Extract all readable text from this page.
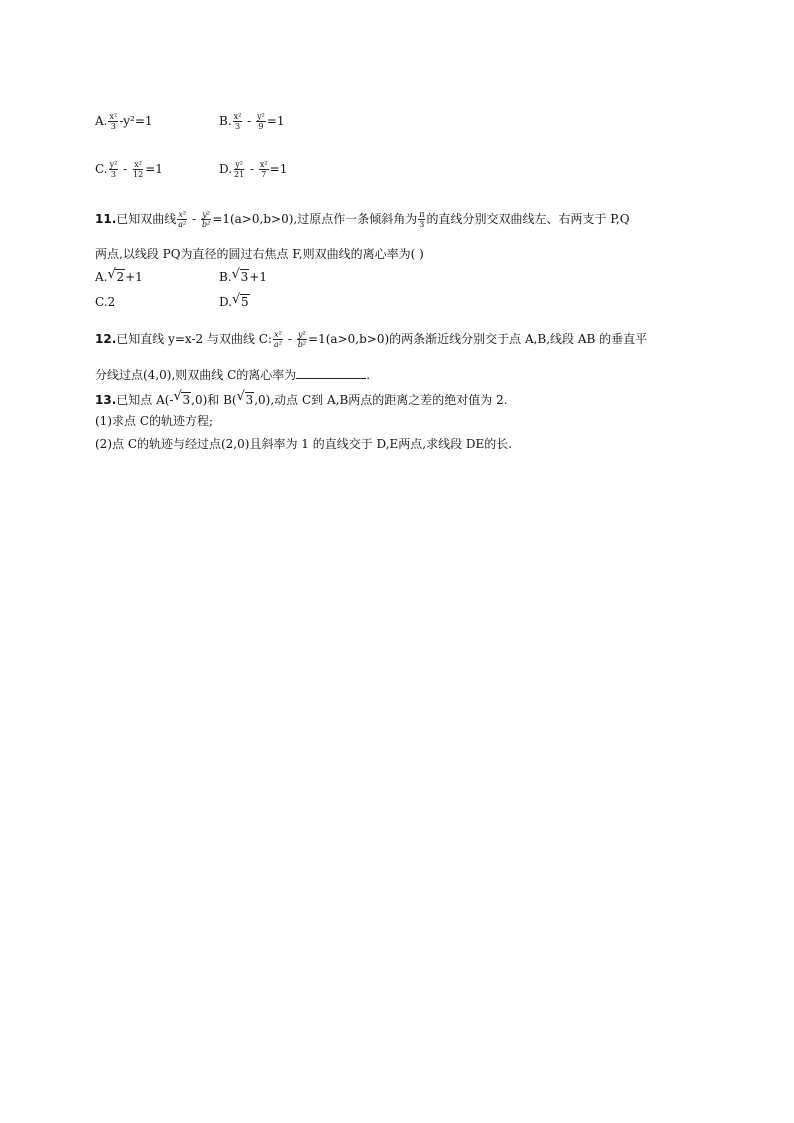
A. $\frac{\text{x²}}{3} -y^2=1$	B. $\frac{\text{x²}}{3} - \frac{\text{y²}}{9} =1$
C. $\frac{\text{y²}}{3} - \frac{\text{x²}}{12} =1$	D. $\frac{\text{y²}}{21} - \frac{\text{x²}}{7} =1$
11.已知双曲线 $\frac{\text{x²}}{\text{a²}} - \frac{\text{y²}}{\text{b²}} =1(a>0,b>0)$,过原点作一条倾斜角为 $\frac{\pi}{3}$ 的直线分别交双曲线左、右两支于 P,Q
两点,以线段 PQ为直径的圆过右焦点 F,则双曲线的离心率为( )
A. √ 2+1	B. √ 3+1
C.2	D. √ 5
12.已知直线 y=x-2 与双曲线 C: $\frac{\text{x²}}{\text{a²}} - \frac{\text{y²}}{\text{b²}} =1(a>0,b>0)$的两条渐近线分别交于点 A,B,线段 AB 的垂直平
分线过点(4,0),则双曲线 C的离心率为	.
13.已知点 A(- √ 3,0)和 B( √ 3,0),动点 C到 A,B两点的距离之差的绝对值为 2.
(1)求点 C的轨迹方程;
(2)点 C的轨迹与经过点(2,0)且斜率为 1 的直线交于 D,E两点,求线段 DE的长.
